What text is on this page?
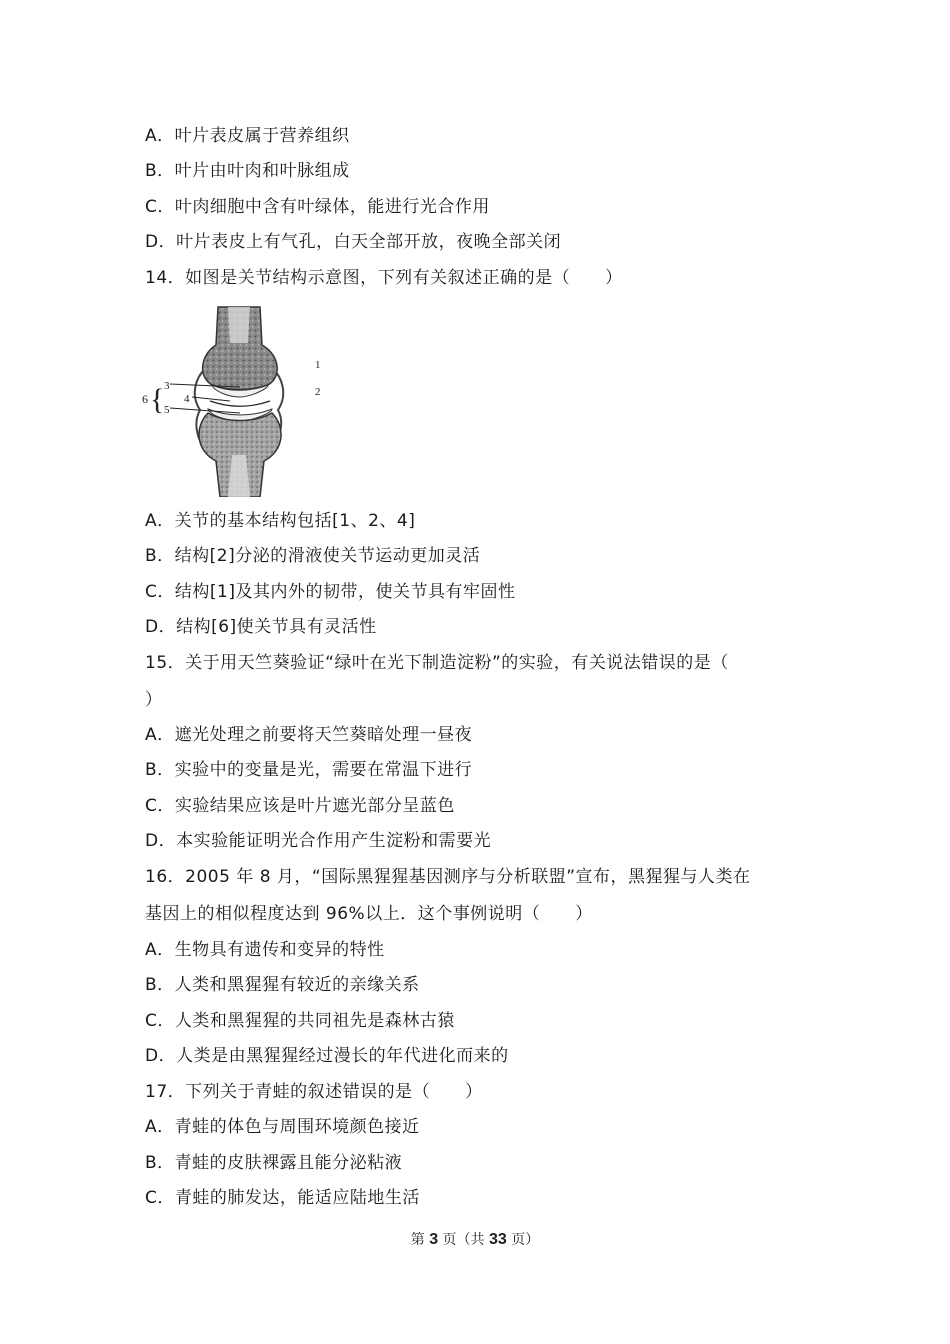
A．叶片表皮属于营养组织
B．叶片由叶肉和叶脉组成
C．叶肉细胞中含有叶绿体，能进行光合作用
D．叶片表皮上有气孔，白天全部开放，夜晚全部关闭
14．如图是关节结构示意图，下列有关叙述正确的是（　　）
6 { 3
4
5
1
2
A．关节的基本结构包括[1、2、4]
B．结构[2]分泌的滑液使关节运动更加灵活
C．结构[1]及其内外的韧带，使关节具有牢固性
D．结构[6]使关节具有灵活性
15．关于用天竺葵验证“绿叶在光下制造淀粉”的实验，有关说法错误的是（
）
A．遮光处理之前要将天竺葵暗处理一昼夜
B．实验中的变量是光，需要在常温下进行
C．实验结果应该是叶片遮光部分呈蓝色
D．本实验能证明光合作用产生淀粉和需要光
16．2005 年 8 月，“国际黑猩猩基因测序与分析联盟”宣布，黑猩猩与人类在
基因上的相似程度达到 96%以上．这个事例说明（　　）
A．生物具有遗传和变异的特性
B．人类和黑猩猩有较近的亲缘关系
C．人类和黑猩猩的共同祖先是森林古猿
D．人类是由黑猩猩经过漫长的年代进化而来的
17．下列关于青蛙的叙述错误的是（　　）
A．青蛙的体色与周围环境颜色接近
B．青蛙的皮肤裸露且能分泌粘液
C．青蛙的肺发达，能适应陆地生活
第 3 页（共 33 页）
